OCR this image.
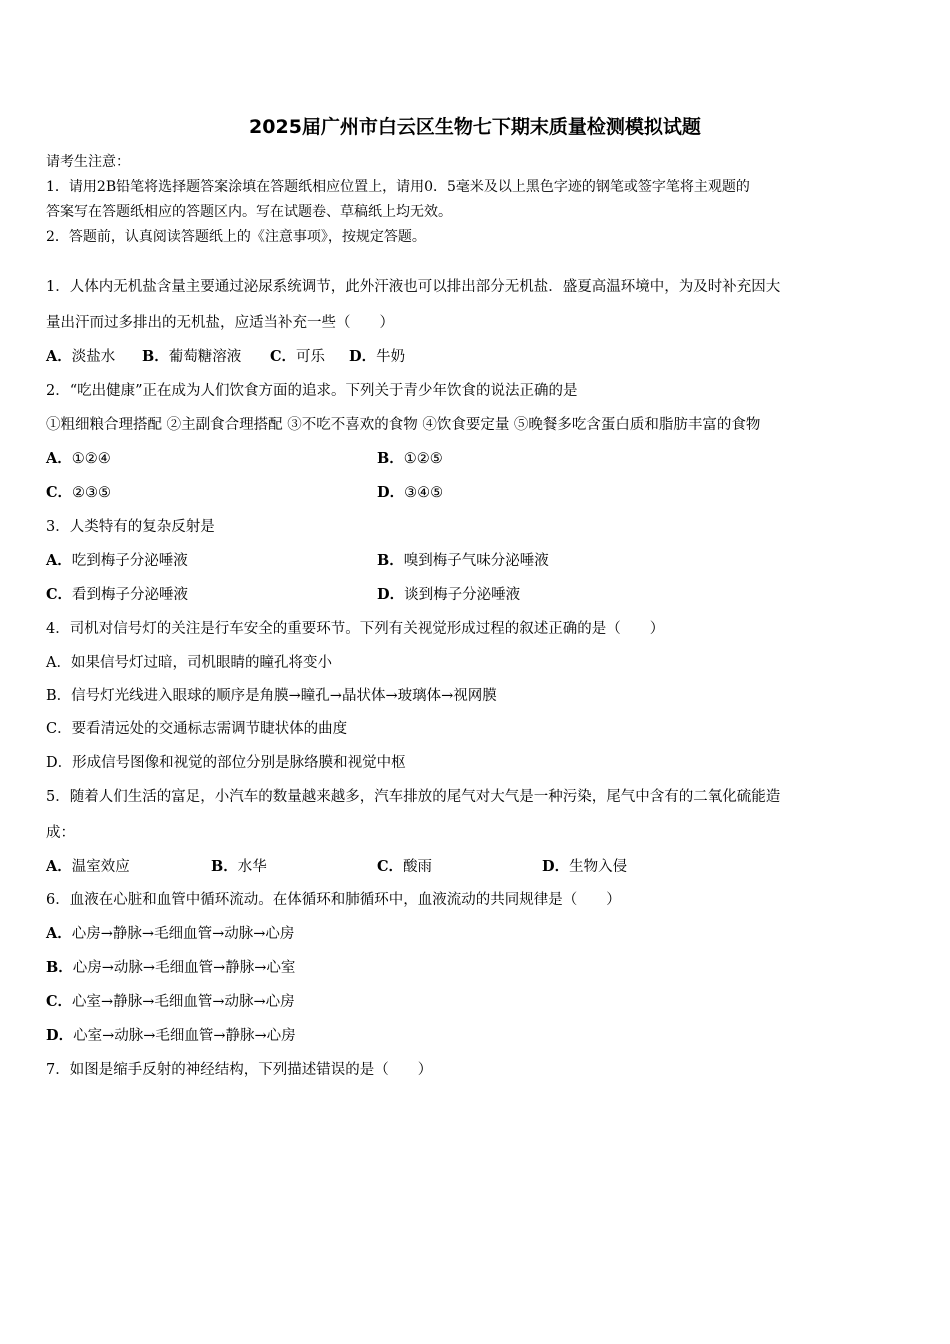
2025届广州市白云区生物七下期末质量检测模拟试题
请考生注意：
1．请用2B铅笔将选择题答案涂填在答题纸相应位置上，请用0．5毫米及以上黑色字迹的钢笔或签字笔将主观题的
答案写在答题纸相应的答题区内。写在试题卷、草稿纸上均无效。
2．答题前，认真阅读答题纸上的《注意事项》，按规定答题。
1．人体内无机盐含量主要通过泌尿系统调节，此外汗液也可以排出部分无机盐．盛夏高温环境中，为及时补充因大
量出汗而过多排出的无机盐，应适当补充一些（　　）
A．淡盐水 B．葡萄糖溶液 C．可乐 D．牛奶
2．“吃出健康”正在成为人们饮食方面的追求。下列关于青少年饮食的说法正确的是
①粗细粮合理搭配 ②主副食合理搭配 ③不吃不喜欢的食物 ④饮食要定量 ⑤晚餐多吃含蛋白质和脂肪丰富的食物
A．①②④	B．①②⑤
C．②③⑤	D．③④⑤
3．人类特有的复杂反射是
A．吃到梅子分泌唾液	B．嗅到梅子气味分泌唾液
C．看到梅子分泌唾液	D．谈到梅子分泌唾液
4．司机对信号灯的关注是行车安全的重要环节。下列有关视觉形成过程的叙述正确的是（　　）
A．如果信号灯过暗，司机眼睛的瞳孔将变小
B．信号灯光线进入眼球的顺序是角膜→瞳孔→晶状体→玻璃体→视网膜
C．要看清远处的交通标志需调节睫状体的曲度
D．形成信号图像和视觉的部位分别是脉络膜和视觉中枢
5．随着人们生活的富足，小汽车的数量越来越多，汽车排放的尾气对大气是一种污染，尾气中含有的二氧化硫能造
成：
A．温室效应	B．水华	C．酸雨	D．生物入侵
6．血液在心脏和血管中循环流动。在体循环和肺循环中，血液流动的共同规律是（　　）
A．心房→静脉→毛细血管→动脉→心房
B．心房→动脉→毛细血管→静脉→心室
C．心室→静脉→毛细血管→动脉→心房
D．心室→动脉→毛细血管→静脉→心房
7．如图是缩手反射的神经结构，下列描述错误的是（　　）
